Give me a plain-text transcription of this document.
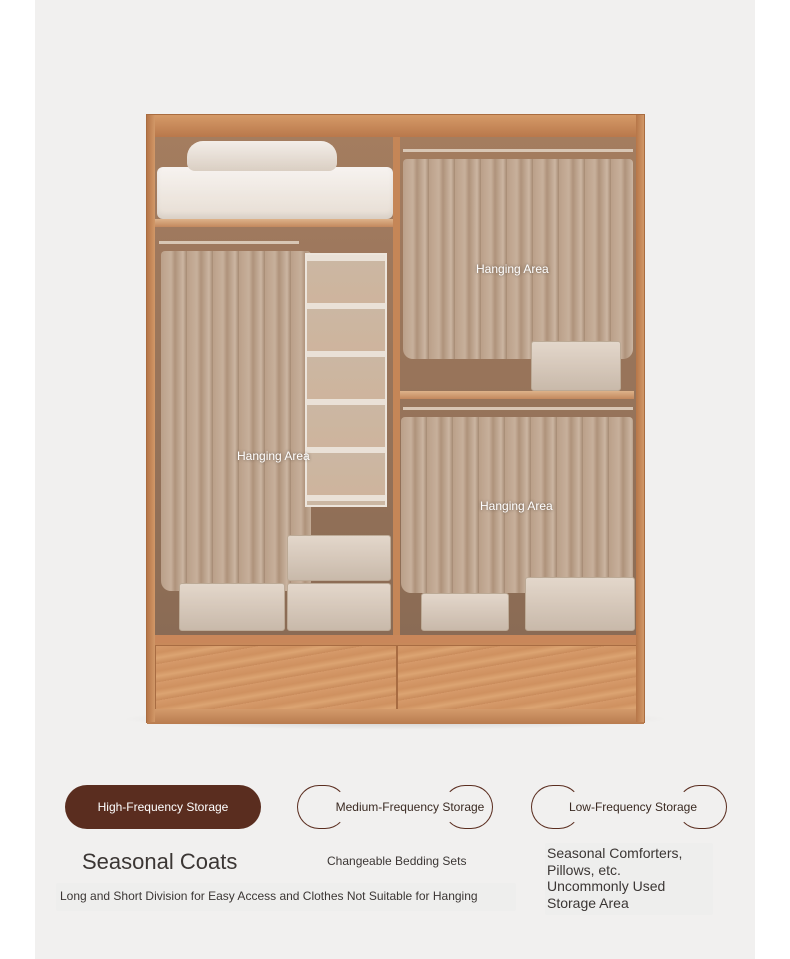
Hanging Area
Hanging Area
Hanging Area
High-Frequency Storage	Medium-Frequency Storage	Low-Frequency Storage
Seasonal Coats	Changeable Bedding Sets	Seasonal Comforters,
Pillows, etc.
Uncommonly Used
Storage Area
Long and Short Division for Easy Access and Clothes Not Suitable for Hanging
